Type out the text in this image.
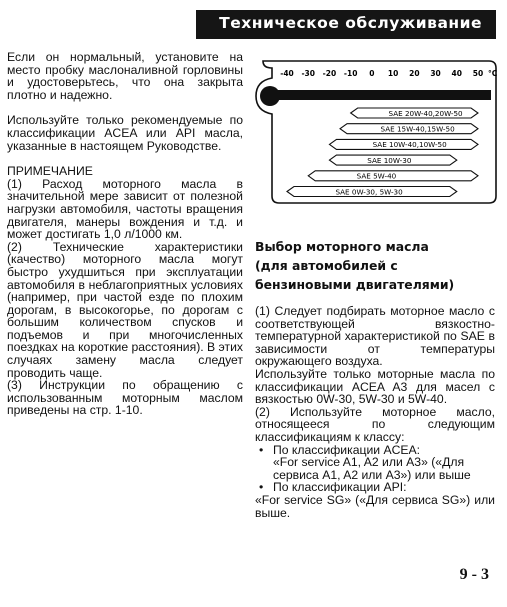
Техническое обслуживание

Если он нормальный, установите на место пробку маслоналивной горловины и удостоверьтесь, что она закрыта плотно и надежно.

Используйте только рекомендуемые по классификации ACEA или API масла, указанные в настоящем Руководстве.

ПРИМЕЧАНИЕ

(1) Расход моторного масла в значительной мере зависит от полезной нагрузки автомобиля, частоты вращения двигателя, манеры вождения и т.д. и может достигать 1,0 л/1000 км.

(2) Технические характеристики (качество) моторного масла могут быстро ухудшиться при эксплуатации автомобиля в неблагоприятных условиях (например, при частой езде по плохим дорогам, в высокогорье, по дорогам с большим количеством спусков и подъемов и при многочисленных поездках на короткие расстояния). В этих случаях замену масла следует проводить чаще.

(3) Инструкции по обращению с использованным моторным маслом приведены на стр. 1-10.

-40 -30 -20 -10 0 10 20 30 40 50 °C
SAE 20W-40,20W-50
SAE 15W-40,15W-50
SAE 10W-40,10W-50
SAE 10W-30
SAE 5W-40
SAE 0W-30, 5W-30
Выбор моторного масла
(для автомобилей с бензиновыми двигателями)

(1) Следует подбирать моторное масло с соответствующей вязкостно-температурной характеристикой по SAE в зависимости от температуры окружающего воздуха.

Используйте только моторные масла по классификации ACEA A3 для масел с вязкостью 0W-30, 5W-30 и 5W-40.

(2) Используйте моторное масло, относящееся по следующим классификациям к классу:

• По классификации ACEA:
«For service A1, A2 или A3» («Для сервиса A1, A2 или A3») или выше
• По классификации API:
«For service SG» («Для сервиса SG») или выше.
9 - 3
